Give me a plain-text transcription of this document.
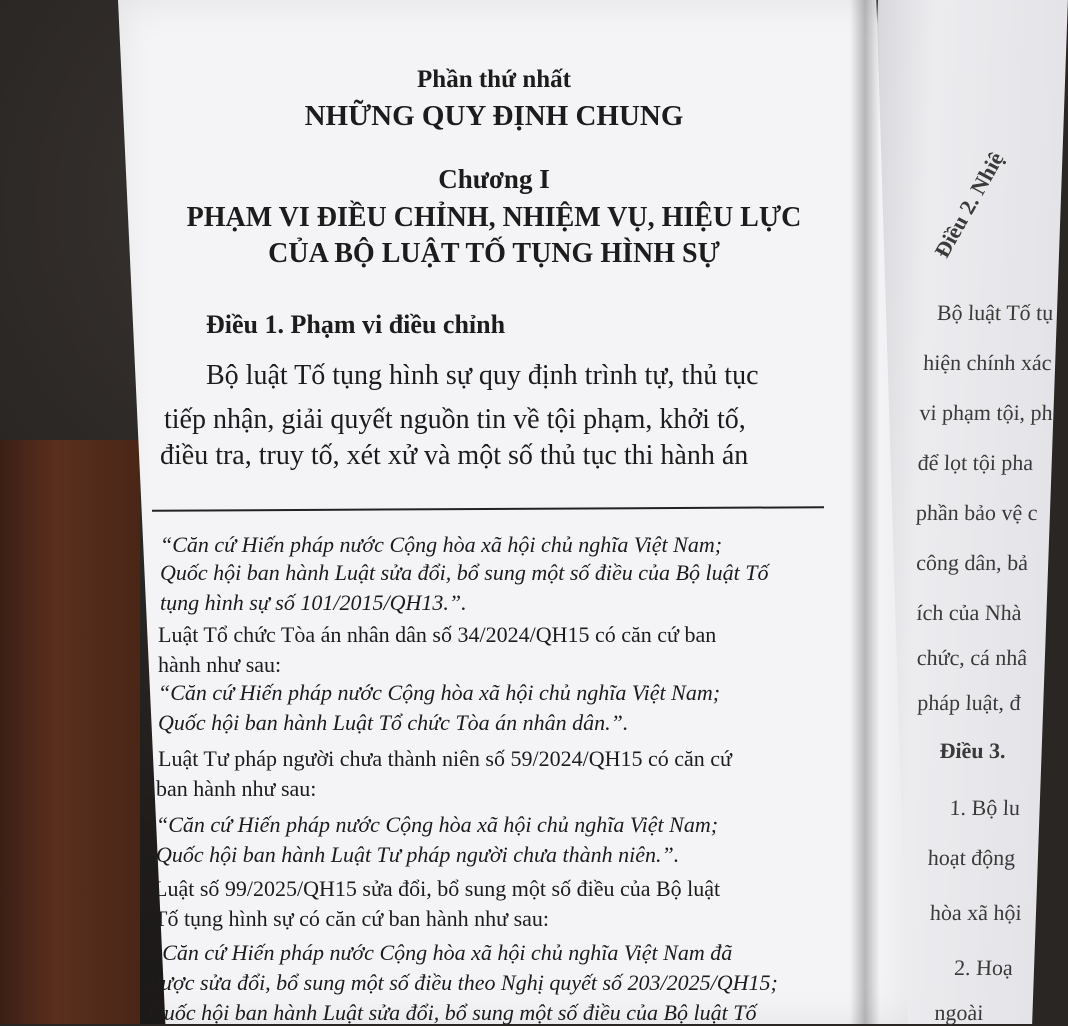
Điều 2. Nhiệ
Bộ luật Tố tụ
hiện chính xác
vi phạm tội, ph
để lọt tội pha
phần bảo vệ c
công dân, bả
ích của Nhà
chức, cá nhâ
pháp luật, đ
Điều 3.
1. Bộ lu
hoạt động
hòa xã hội
2. Hoạ
ngoài
Phần thứ nhất
NHỮNG QUY ĐỊNH CHUNG
Chương I
PHẠM VI ĐIỀU CHỈNH, NHIỆM VỤ, HIỆU LỰC
CỦA BỘ LUẬT TỐ TỤNG HÌNH SỰ
Điều 1. Phạm vi điều chỉnh
Bộ luật Tố tụng hình sự quy định trình tự, thủ tục
tiếp nhận, giải quyết nguồn tin về tội phạm, khởi tố,
điều tra, truy tố, xét xử và một số thủ tục thi hành án
“Căn cứ Hiến pháp nước Cộng hòa xã hội chủ nghĩa Việt Nam;
Quốc hội ban hành Luật sửa đổi, bổ sung một số điều của Bộ luật Tố
tụng hình sự số 101/2015/QH13.”.
Luật Tổ chức Tòa án nhân dân số 34/2024/QH15 có căn cứ ban
hành như sau:
“Căn cứ Hiến pháp nước Cộng hòa xã hội chủ nghĩa Việt Nam;
Quốc hội ban hành Luật Tổ chức Tòa án nhân dân.”.
Luật Tư pháp người chưa thành niên số 59/2024/QH15 có căn cứ
ban hành như sau:
“Căn cứ Hiến pháp nước Cộng hòa xã hội chủ nghĩa Việt Nam;
Quốc hội ban hành Luật Tư pháp người chưa thành niên.”.
Luật số 99/2025/QH15 sửa đổi, bổ sung một số điều của Bộ luật
Tố tụng hình sự có căn cứ ban hành như sau:
“Căn cứ Hiến pháp nước Cộng hòa xã hội chủ nghĩa Việt Nam đã
được sửa đổi, bổ sung một số điều theo Nghị quyết số 203/2025/QH15;
Quốc hội ban hành Luật sửa đổi, bổ sung một số điều của Bộ luật Tố
